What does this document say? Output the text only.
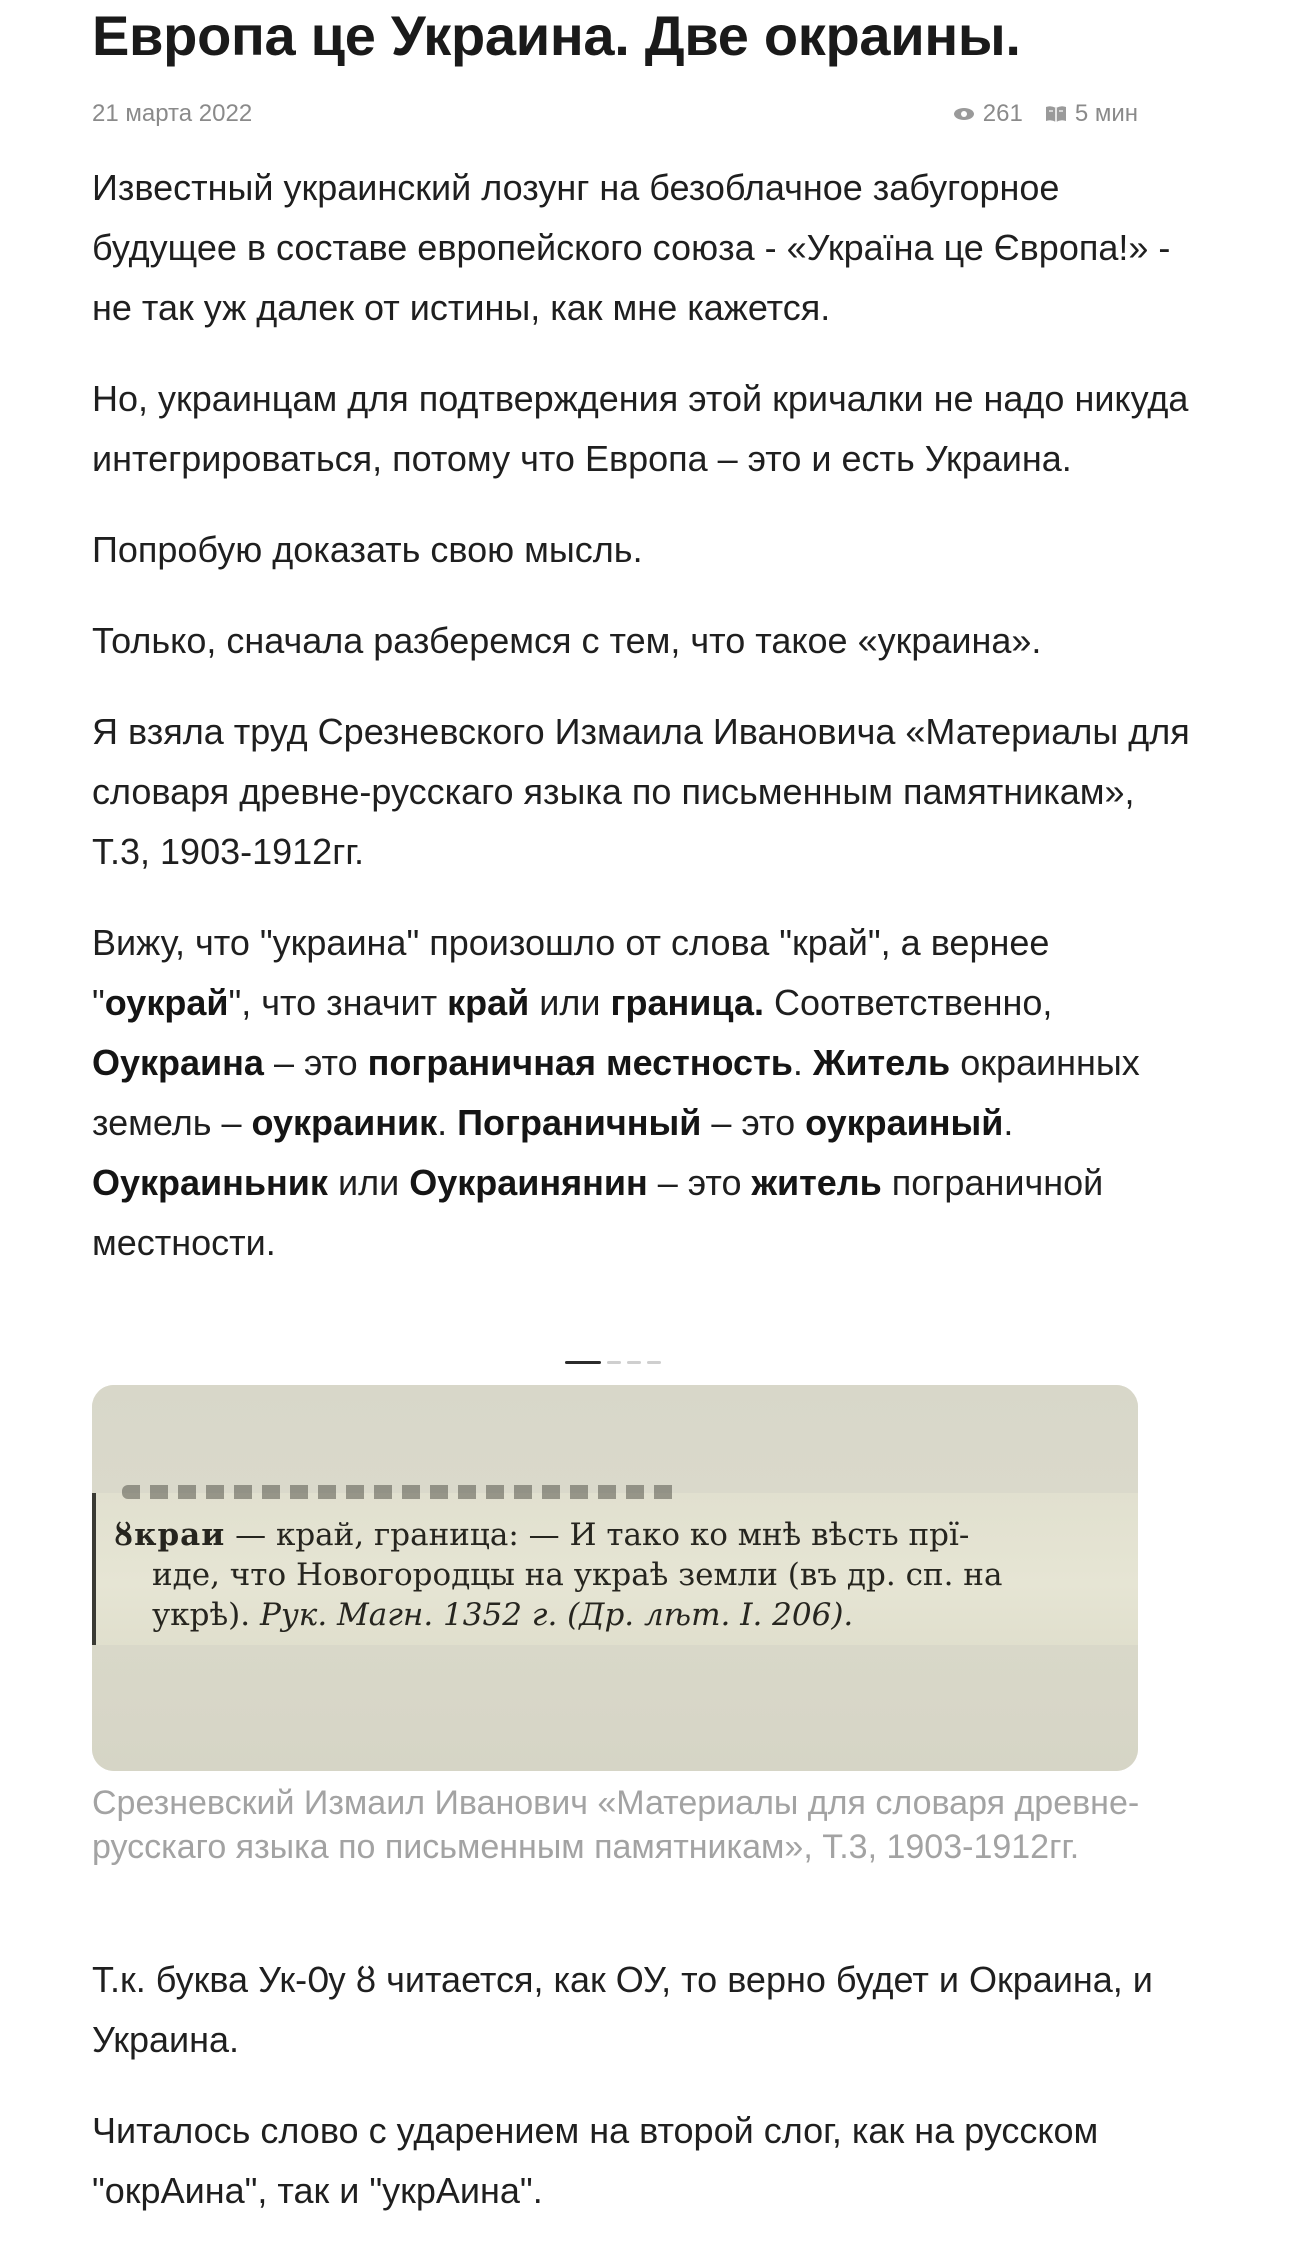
Европа це Украина. Две окраины.
21 марта 2022	261 5 мин

Известный украинский лозунг на безоблачное забугорное будущее в составе европейского союза - «Україна це Європа!» - не так уж далек от истины, как мне кажется.

Но, украинцам для подтверждения этой кричалки не надо никуда интегрироваться, потому что Европа – это и есть Украина.

Попробую доказать свою мысль.

Только, сначала разберемся с тем, что такое «украина».

Я взяла труд Срезневского Измаила Ивановича «Материалы для словаря древне-русскаго языка по письменным памятникам», Т.3, 1903-1912гг.

Вижу, что "украина" произошло от слова "край", а вернее "оукрай", что значит край или граница. Соответственно, Оукраина – это пограничная местность. Житель окраинных земель – оукраиник. Пограничный – это оукраиный. Оукраиньник или Оукраинянин – это житель пограничной местности.

ȣкраи — край, граница: — И тако ко мнѣ вѣсть прї-
иде, что Новогородцы на украѣ земли (въ др. сп. на
укрѣ). Рук. Магн. 1352 г. (Др. лѣт. I. 206).

Срезневский Измаил Иванович «Материалы для словаря древне-русскаго языка по письменным памятникам», Т.3, 1903-1912гг.

Т.к. буква Ук-Ѹ ȣ читается, как ОУ, то верно будет и Окраина, и Украина.

Читалось слово с ударением на второй слог, как на русском "окрАина", так и "укрАина".
